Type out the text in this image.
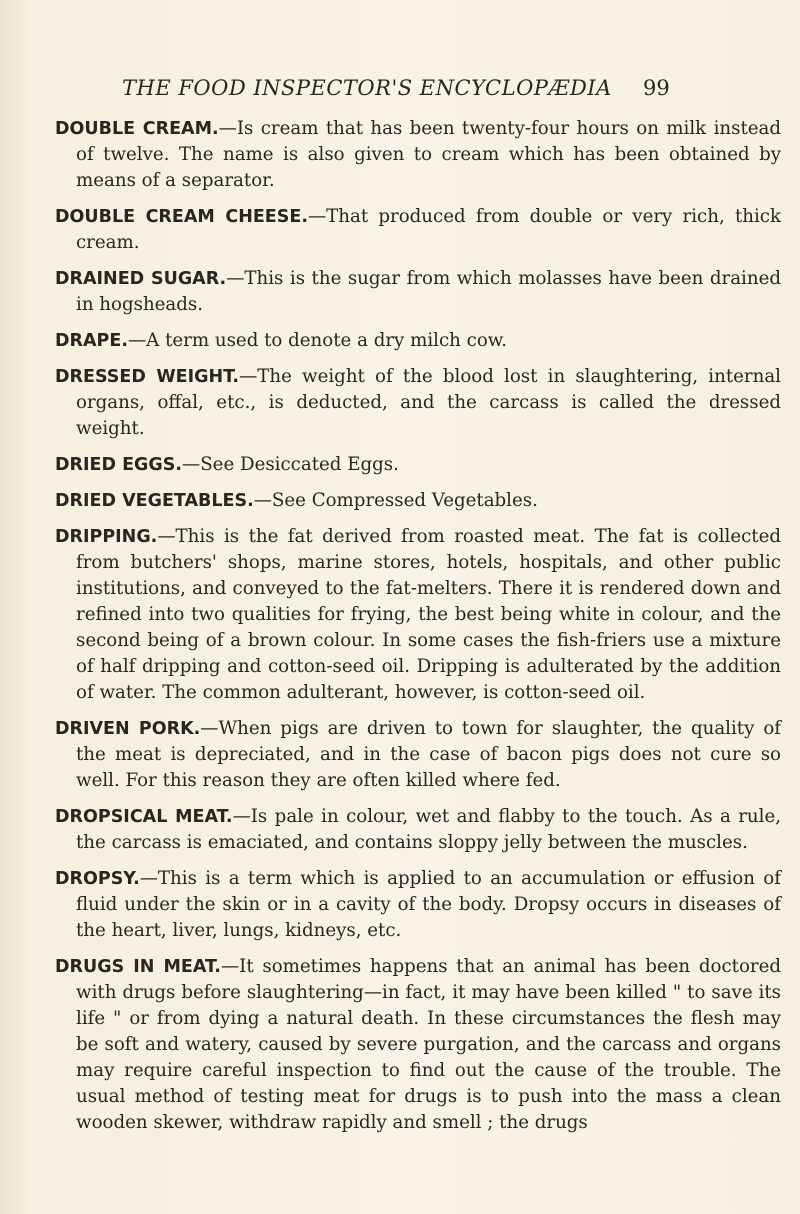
THE FOOD INSPECTOR'S ENCYCLOPÆDIA 99

DOUBLE CREAM.—Is cream that has been twenty-four hours on milk instead of twelve. The name is also given to cream which has been obtained by means of a separator.

DOUBLE CREAM CHEESE.—That produced from double or very rich, thick cream.

DRAINED SUGAR.—This is the sugar from which molasses have been drained in hogsheads.

DRAPE.—A term used to denote a dry milch cow.

DRESSED WEIGHT.—The weight of the blood lost in slaughtering, internal organs, offal, etc., is deducted, and the carcass is called the dressed weight.

DRIED EGGS.—See Desiccated Eggs.

DRIED VEGETABLES.—See Compressed Vegetables.

DRIPPING.—This is the fat derived from roasted meat. The fat is collected from butchers' shops, marine stores, hotels, hospitals, and other public institutions, and conveyed to the fat-melters. There it is rendered down and refined into two qualities for frying, the best being white in colour, and the second being of a brown colour. In some cases the fish-friers use a mixture of half dripping and cotton-seed oil. Dripping is adulterated by the addition of water. The common adulterant, however, is cotton-seed oil.

DRIVEN PORK.—When pigs are driven to town for slaughter, the quality of the meat is depreciated, and in the case of bacon pigs does not cure so well. For this reason they are often killed where fed.

DROPSICAL MEAT.—Is pale in colour, wet and flabby to the touch. As a rule, the carcass is emaciated, and contains sloppy jelly between the muscles.

DROPSY.—This is a term which is applied to an accumulation or effusion of fluid under the skin or in a cavity of the body. Dropsy occurs in diseases of the heart, liver, lungs, kidneys, etc.

DRUGS IN MEAT.—It sometimes happens that an animal has been doctored with drugs before slaughtering—in fact, it may have been killed " to save its life " or from dying a natural death. In these circumstances the flesh may be soft and watery, caused by severe purgation, and the carcass and organs may require careful inspection to find out the cause of the trouble. The usual method of testing meat for drugs is to push into the mass a clean wooden skewer, withdraw rapidly and smell ; the drugs
